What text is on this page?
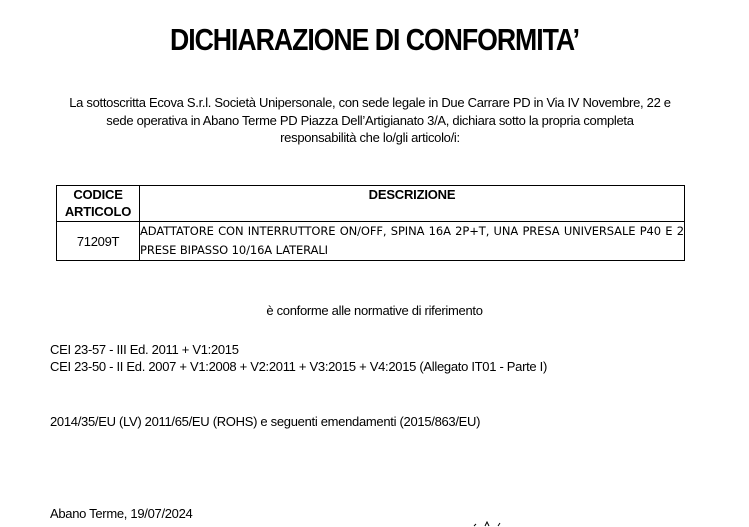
DICHIARAZIONE DI CONFORMITA’
La sottoscritta Ecova S.r.l. Società Unipersonale, con sede legale in Due Carrare PD in Via IV Novembre, 22 e
sede operativa in Abano Terme PD Piazza Dell’Artigianato 3/A, dichiara sotto la propria completa
responsabilità che lo/gli articolo/i:
CODICE
ARTICOLO	DESCRIZIONE
71209T	ADATTATORE CON INTERRUTTORE ON/OFF, SPINA 16A 2P+T, UNA PRESA UNIVERSALE P40 E 2 PRESE BIPASSO 10/16A LATERALI
è conforme alle normative di riferimento
CEI 23-57 - III Ed. 2011 + V1:2015
CEI 23-50 - II Ed. 2007 + V1:2008 + V2:2011 + V3:2015 + V4:2015 (Allegato IT01 - Parte I)
2014/35/EU (LV) 2011/65/EU (ROHS) e seguenti emendamenti (2015/863/EU)
Abano Terme, 19/07/2024
